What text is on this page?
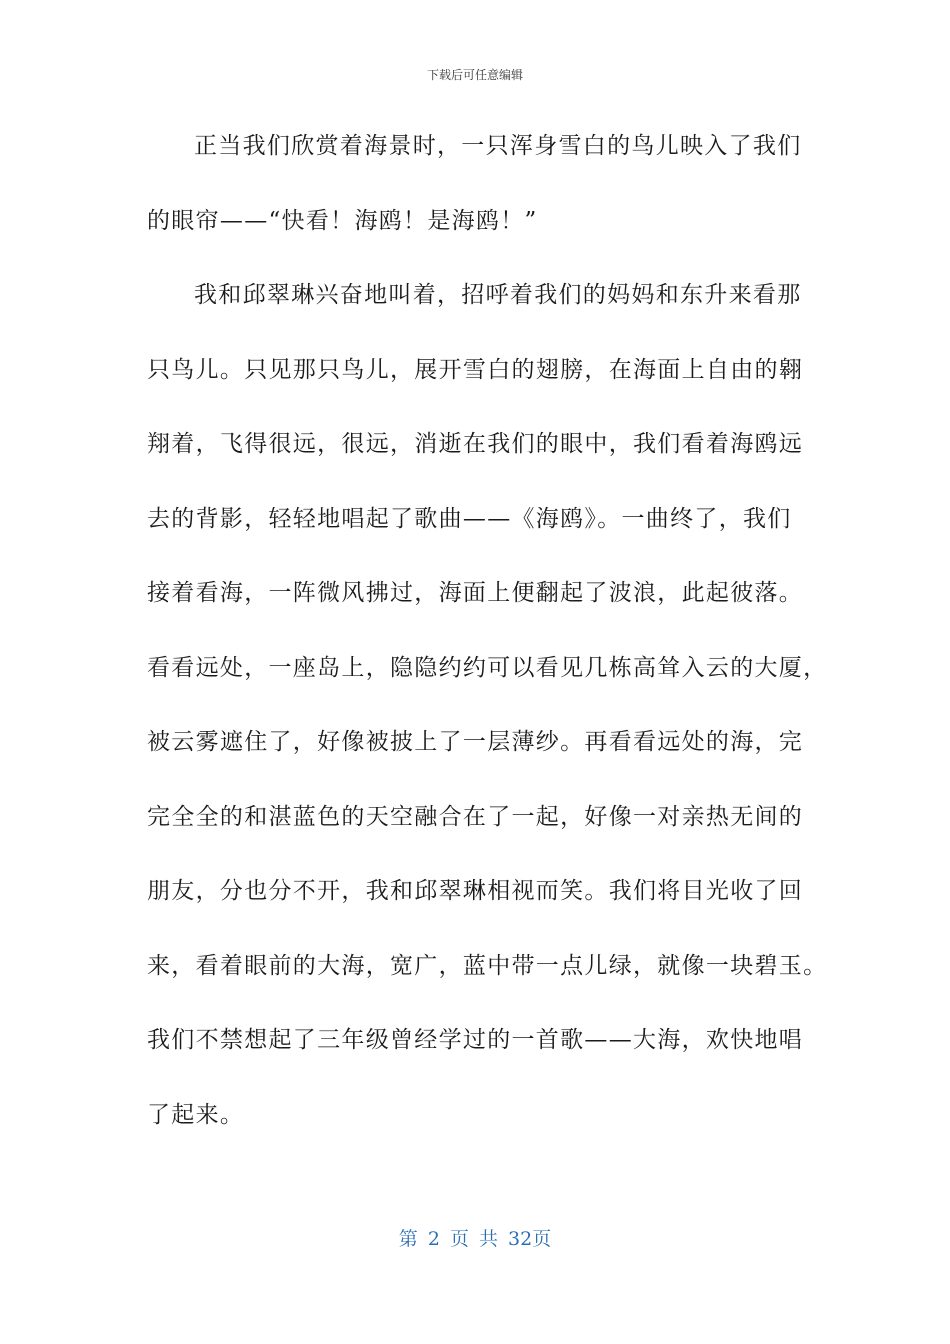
下载后可任意编辑
正当我们欣赏着海景时，一只浑身雪白的鸟儿映入了我们
的眼帘——“快看！海鸥！是海鸥！”
我和邱翠琳兴奋地叫着，招呼着我们的妈妈和东升来看那
只鸟儿。只见那只鸟儿，展开雪白的翅膀，在海面上自由的翱
翔着，飞得很远，很远，消逝在我们的眼中，我们看着海鸥远
去的背影，轻轻地唱起了歌曲——《海鸥》。一曲终了，我们
接着看海，一阵微风拂过，海面上便翻起了波浪，此起彼落。
看看远处，一座岛上，隐隐约约可以看见几栋高耸入云的大厦，
被云雾遮住了，好像被披上了一层薄纱。再看看远处的海，完
完全全的和湛蓝色的天空融合在了一起，好像一对亲热无间的
朋友，分也分不开，我和邱翠琳相视而笑。我们将目光收了回
来，看着眼前的大海，宽广，蓝中带一点儿绿，就像一块碧玉。
我们不禁想起了三年级曾经学过的一首歌——大海，欢快地唱
了起来。
第 2 页 共 32页
